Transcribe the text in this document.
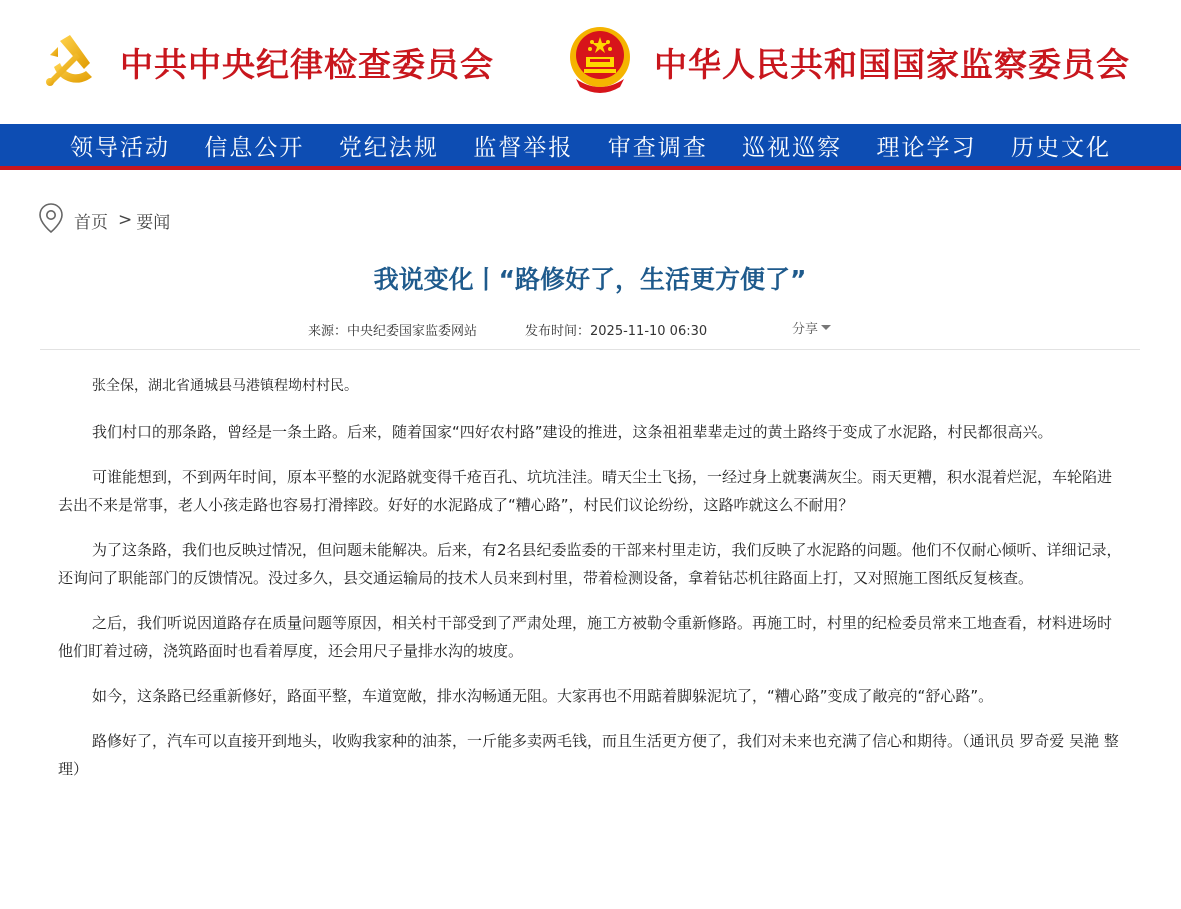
中共中央纪律检查委员会	中华人民共和国国家监察委员会
领导活动 信息公开 党纪法规 监督举报 审查调查 巡视巡察 理论学习 历史文化
首页 > 要闻
我说变化丨“路修好了，生活更方便了”
来源：中央纪委国家监委网站	发布时间：2025-11-10 06:30	分享

张全保，湖北省通城县马港镇程坳村村民。

我们村口的那条路，曾经是一条土路。后来，随着国家“四好农村路”建设的推进，这条祖祖辈辈走过的黄土路终于变成了水泥路，村民都很高兴。

可谁能想到，不到两年时间，原本平整的水泥路就变得千疮百孔、坑坑洼洼。晴天尘土飞扬，一经过身上就裹满灰尘。雨天更糟，积水混着烂泥，车轮陷进去出不来是常事，老人小孩走路也容易打滑摔跤。好好的水泥路成了“糟心路”，村民们议论纷纷，这路咋就这么不耐用？

为了这条路，我们也反映过情况，但问题未能解决。后来，有2名县纪委监委的干部来村里走访，我们反映了水泥路的问题。他们不仅耐心倾听、详细记录，还询问了职能部门的反馈情况。没过多久，县交通运输局的技术人员来到村里，带着检测设备，拿着钻芯机往路面上打，又对照施工图纸反复核查。

之后，我们听说因道路存在质量问题等原因，相关村干部受到了严肃处理，施工方被勒令重新修路。再施工时，村里的纪检委员常来工地查看，材料进场时他们盯着过磅，浇筑路面时也看着厚度，还会用尺子量排水沟的坡度。

如今，这条路已经重新修好，路面平整，车道宽敞，排水沟畅通无阻。大家再也不用踮着脚躲泥坑了，“糟心路”变成了敞亮的“舒心路”。

路修好了，汽车可以直接开到地头，收购我家种的油茶，一斤能多卖两毛钱，而且生活更方便了，我们对未来也充满了信心和期待。（通讯员 罗奇爱 吴滟 整理）
